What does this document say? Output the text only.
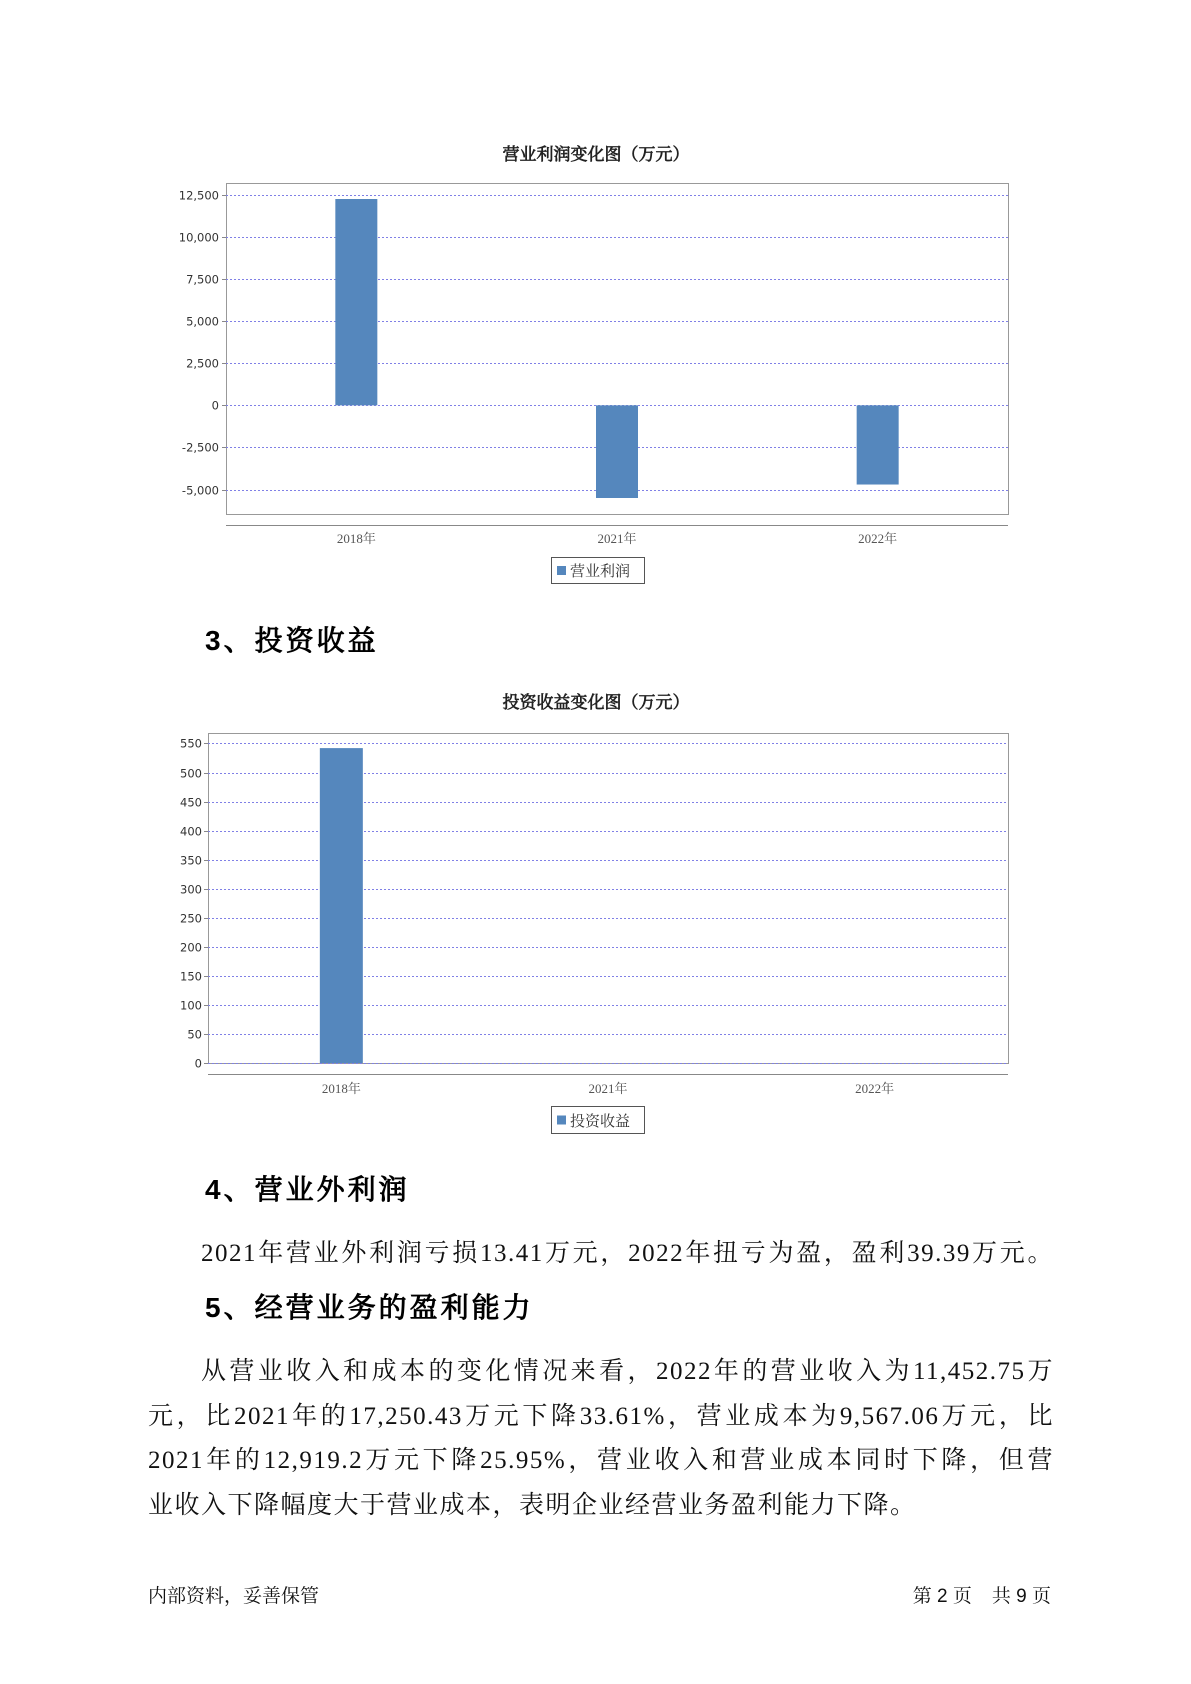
营业利润变化图（万元）
12,500
10,000
7,500
5,000
2,500
0
-2,500
-5,000
2018年	2021年	2022年
营业利润
3、投资收益
投资收益变化图（万元）
550
500
450
400
350
300
250
200
150
100
50
0
2018年	2021年	2022年
投资收益
4、营业外利润
2021年营业外利润亏损13.41万元，2022年扭亏为盈，盈利39.39万元。
5、经营业务的盈利能力
从营业收入和成本的变化情况来看，2022年的营业收入为11,452.75万
元，比2021年的17,250.43万元下降33.61%，营业成本为9,567.06万元，比
2021年的12,919.2万元下降25.95%，营业收入和营业成本同时下降，但营
业收入下降幅度大于营业成本，表明企业经营业务盈利能力下降。
内部资料，妥善保管	第 2 页 共 9 页
